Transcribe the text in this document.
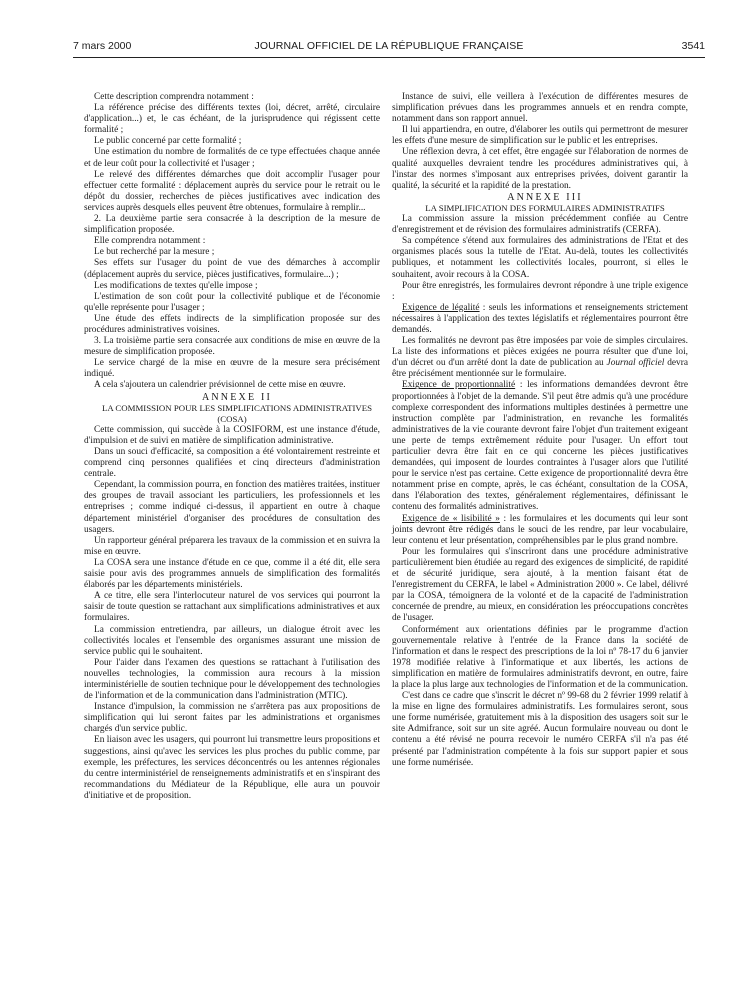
7 mars 2000	JOURNAL OFFICIEL DE LA RÉPUBLIQUE FRANÇAISE	3541

Cette description comprendra notamment :

La référence précise des différents textes (loi, décret, arrêté, circulaire d'application...) et, le cas échéant, de la jurisprudence qui régissent cette formalité ;

Le public concerné par cette formalité ;

Une estimation du nombre de formalités de ce type effectuées chaque année et de leur coût pour la collectivité et l'usager ;

Le relevé des différentes démarches que doit accomplir l'usager pour effectuer cette formalité : déplacement auprès du service pour le retrait ou le dépôt du dossier, recherches de pièces justificatives avec indication des services auprès desquels elles peuvent être obtenues, formulaire à remplir...

2. La deuxième partie sera consacrée à la description de la mesure de simplification proposée.

Elle comprendra notamment :

Le but recherché par la mesure ;

Ses effets sur l'usager du point de vue des démarches à accomplir (déplacement auprès du service, pièces justificatives, formulaire...) ;

Les modifications de textes qu'elle impose ;

L'estimation de son coût pour la collectivité publique et de l'économie qu'elle représente pour l'usager ;

Une étude des effets indirects de la simplification proposée sur des procédures administratives voisines.

3. La troisième partie sera consacrée aux conditions de mise en œuvre de la mesure de simplification proposée.

Le service chargé de la mise en œuvre de la mesure sera précisément indiqué.

A cela s'ajoutera un calendrier prévisionnel de cette mise en œuvre.

ANNEXE II

LA COMMISSION POUR LES SIMPLIFICATIONS ADMINISTRATIVES (COSA)

Cette commission, qui succède à la COSIFORM, est une instance d'étude, d'impulsion et de suivi en matière de simplification administrative.

Dans un souci d'efficacité, sa composition a été volontairement restreinte et comprend cinq personnes qualifiées et cinq directeurs d'administration centrale.

Cependant, la commission pourra, en fonction des matières traitées, instituer des groupes de travail associant les particuliers, les professionnels et les entreprises ; comme indiqué ci-dessus, il appartient en outre à chaque département ministériel d'organiser des procédures de consultation des usagers.

Un rapporteur général préparera les travaux de la commission et en suivra la mise en œuvre.

La COSA sera une instance d'étude en ce que, comme il a été dit, elle sera saisie pour avis des programmes annuels de simplification des formalités élaborés par les départements ministériels.

A ce titre, elle sera l'interlocuteur naturel de vos services qui pourront la saisir de toute question se rattachant aux simplifications administratives et aux formulaires.

La commission entretiendra, par ailleurs, un dialogue étroit avec les collectivités locales et l'ensemble des organismes assurant une mission de service public qui le souhaitent.

Pour l'aider dans l'examen des questions se rattachant à l'utilisation des nouvelles technologies, la commission aura recours à la mission interministérielle de soutien technique pour le développement des technologies de l'information et de la communication dans l'administration (MTIC).

Instance d'impulsion, la commission ne s'arrêtera pas aux propositions de simplification qui lui seront faites par les administrations et organismes chargés d'un service public.

En liaison avec les usagers, qui pourront lui transmettre leurs propositions et suggestions, ainsi qu'avec les services les plus proches du public comme, par exemple, les préfectures, les services déconcentrés ou les antennes régionales du centre interministériel de renseignements administratifs et en s'inspirant des recommandations du Médiateur de la République, elle aura un pouvoir d'initiative et de proposition.

Instance de suivi, elle veillera à l'exécution de différentes mesures de simplification prévues dans les programmes annuels et en rendra compte, notamment dans son rapport annuel.

Il lui appartiendra, en outre, d'élaborer les outils qui permettront de mesurer les effets d'une mesure de simplification sur le public et les entreprises.

Une réflexion devra, à cet effet, être engagée sur l'élaboration de normes de qualité auxquelles devraient tendre les procédures administratives qui, à l'instar des normes s'imposant aux entreprises privées, doivent garantir la qualité, la sécurité et la rapidité de la prestation.

ANNEXE III

LA SIMPLIFICATION DES FORMULAIRES ADMINISTRATIFS

La commission assure la mission précédemment confiée au Centre d'enregistrement et de révision des formulaires administratifs (CERFA).

Sa compétence s'étend aux formulaires des administrations de l'Etat et des organismes placés sous la tutelle de l'Etat. Au-delà, toutes les collectivités publiques, et notamment les collectivités locales, pourront, si elles le souhaitent, avoir recours à la COSA.

Pour être enregistrés, les formulaires devront répondre à une triple exigence :

Exigence de légalité : seuls les informations et renseignements strictement nécessaires à l'application des textes législatifs et réglementaires pourront être demandés.

Les formalités ne devront pas être imposées par voie de simples circulaires. La liste des informations et pièces exigées ne pourra résulter que d'une loi, d'un décret ou d'un arrêté dont la date de publication au Journal officiel devra être précisément mentionnée sur le formulaire.

Exigence de proportionnalité : les informations demandées devront être proportionnées à l'objet de la demande. S'il peut être admis qu'à une procédure complexe correspondent des informations multiples destinées à permettre une instruction complète par l'administration, en revanche les formalités administratives de la vie courante devront faire l'objet d'un traitement exigeant une perte de temps extrêmement réduite pour l'usager. Un effort tout particulier devra être fait en ce qui concerne les pièces justificatives demandées, qui imposent de lourdes contraintes à l'usager alors que l'utilité pour le service n'est pas certaine. Cette exigence de proportionnalité devra être notamment prise en compte, après, le cas échéant, consultation de la COSA, dans l'élaboration des textes, généralement réglementaires, définissant le contenu des formalités administratives.

Exigence de « lisibilité » : les formulaires et les documents qui leur sont joints devront être rédigés dans le souci de les rendre, par leur vocabulaire, leur contenu et leur présentation, compréhensibles par le plus grand nombre.

Pour les formulaires qui s'inscriront dans une procédure administrative particulièrement bien étudiée au regard des exigences de simplicité, de rapidité et de sécurité juridique, sera ajouté, à la mention faisant état de l'enregistrement du CERFA, le label « Administration 2000 ». Ce label, délivré par la COSA, témoignera de la volonté et de la capacité de l'administration concernée de prendre, au mieux, en considération les préoccupations concrètes de l'usager.

Conformément aux orientations définies par le programme d'action gouvernementale relative à l'entrée de la France dans la société de l'information et dans le respect des prescriptions de la loi nº 78-17 du 6 janvier 1978 modifiée relative à l'informatique et aux libertés, les actions de simplification en matière de formulaires administratifs devront, en outre, faire la place la plus large aux technologies de l'information et de la communication.

C'est dans ce cadre que s'inscrit le décret nº 99-68 du 2 février 1999 relatif à la mise en ligne des formulaires administratifs. Les formulaires seront, sous une forme numérisée, gratuitement mis à la disposition des usagers soit sur le site Admifrance, soit sur un site agréé. Aucun formulaire nouveau ou dont le contenu a été révisé ne pourra recevoir le numéro CERFA s'il n'a pas été présenté par l'administration compétente à la fois sur support papier et sous une forme numérisée.
